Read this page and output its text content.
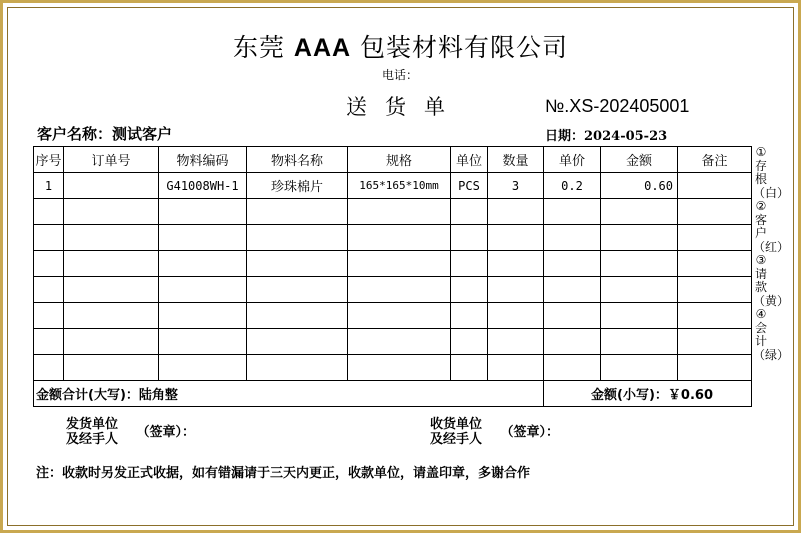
东莞 AAA 包装材料有限公司
电话：
送货单	№.XS-202405001
客户名称：测试客户	日期：2024-05-23
序号	订单号	物料编码	物料名称	规格	单位	数量	单价	金额	备注
1		G41008WH-1	珍珠棉片	165*165*10mm	PCS	3	0.2	0.60	

金额合计(大写)：陆角整							金额(小写)：￥0.60		
①存根（白）②客户（红）③请款（黄）④会计（绿）
发货单位
及经手人 （签章）：	收货单位
及经手人 （签章）：
注：收款时另发正式收据，如有错漏请于三天内更正，收款单位，请盖印章，多谢合作
